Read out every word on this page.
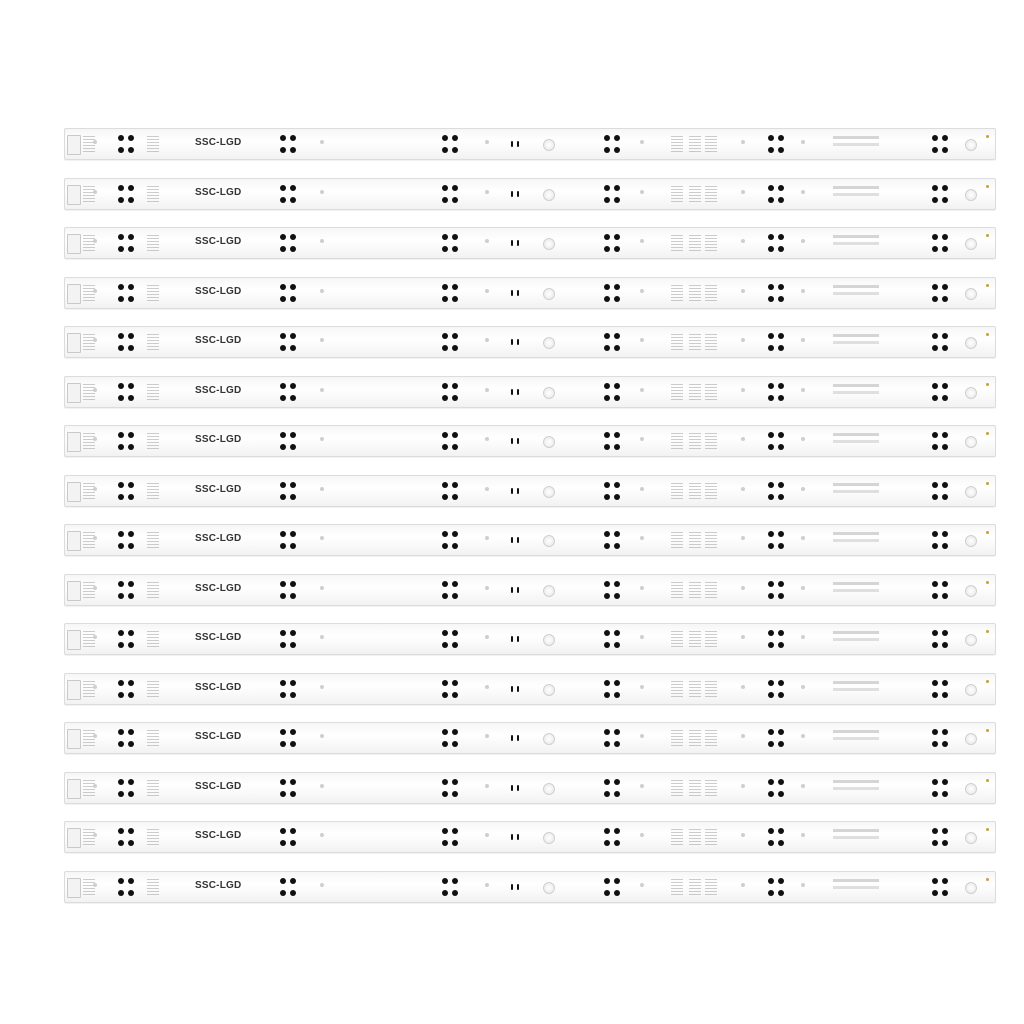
SSC-LGD
SSC-LGD
SSC-LGD
SSC-LGD
SSC-LGD
SSC-LGD
SSC-LGD
SSC-LGD
SSC-LGD
SSC-LGD
SSC-LGD
SSC-LGD
SSC-LGD
SSC-LGD
SSC-LGD
SSC-LGD
